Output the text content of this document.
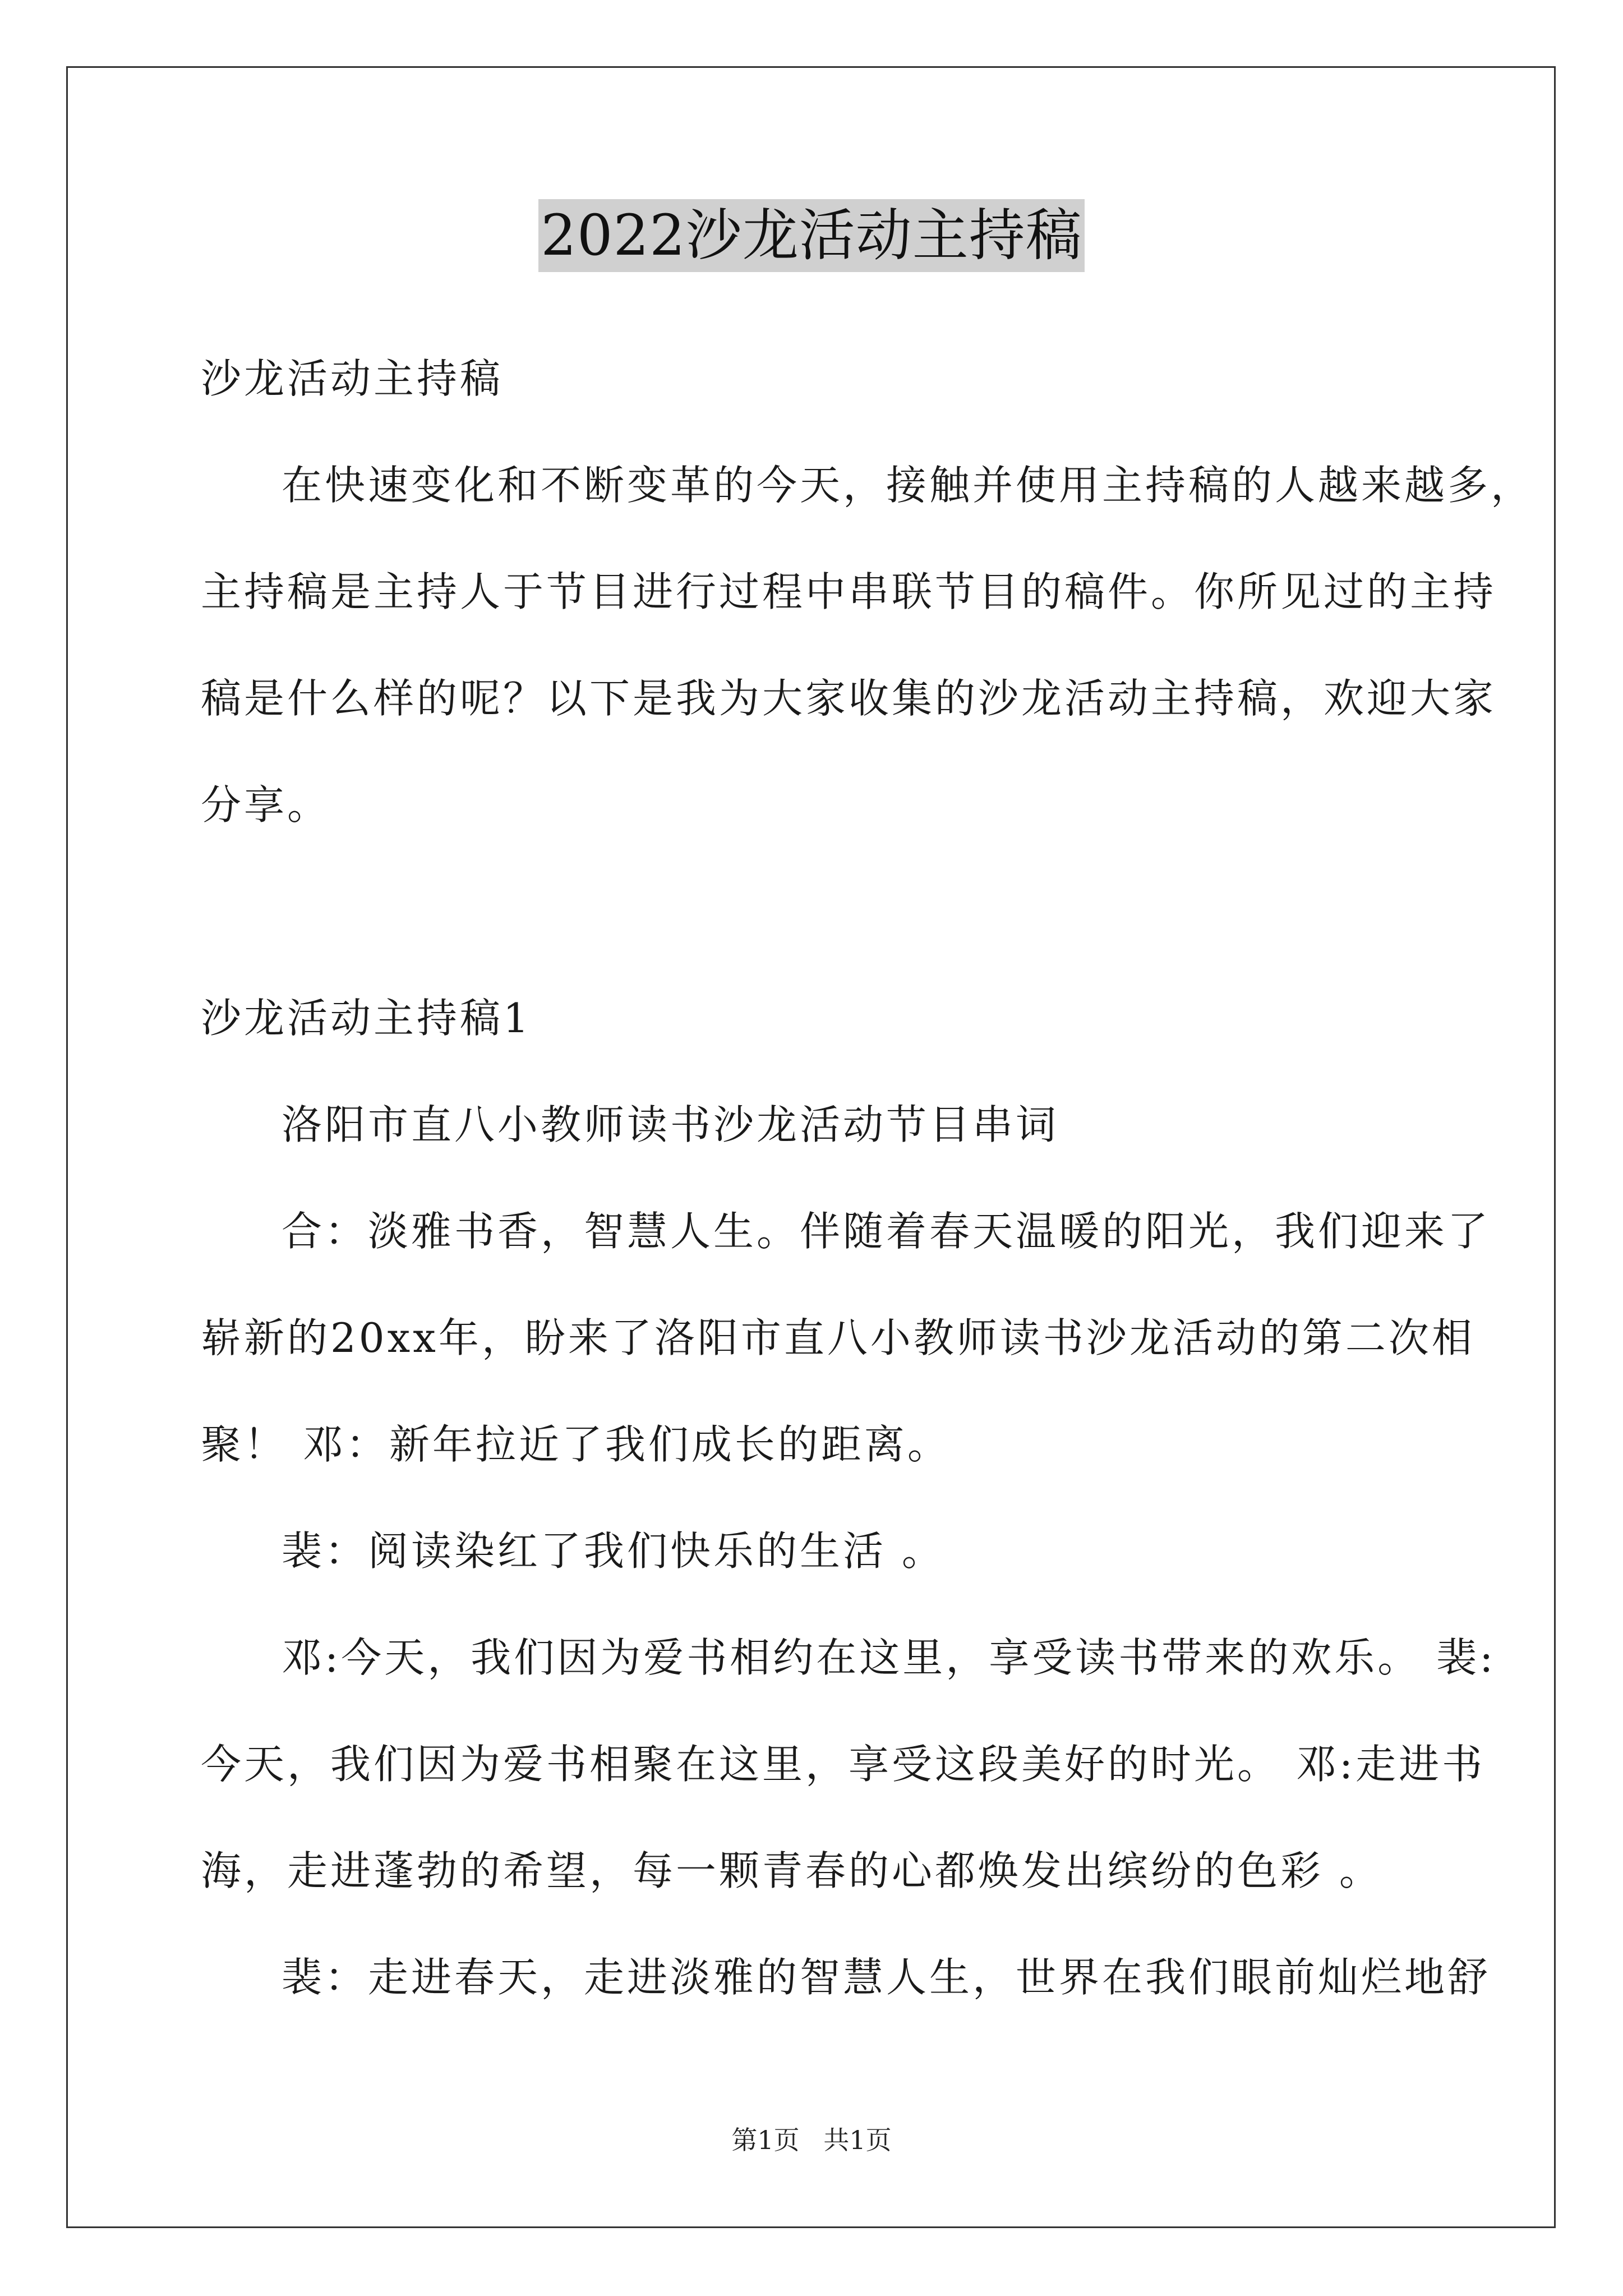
2022沙龙活动主持稿
沙龙活动主持稿
在快速变化和不断变革的今天，接触并使用主持稿的人越来越多，
主持稿是主持人于节目进行过程中串联节目的稿件。你所见过的主持
稿是什么样的呢？以下是我为大家收集的沙龙活动主持稿，欢迎大家
分享。
沙龙活动主持稿1
洛阳市直八小教师读书沙龙活动节目串词
合：淡雅书香，智慧人生。伴随着春天温暖的阳光，我们迎来了
崭新的20xx年，盼来了洛阳市直八小教师读书沙龙活动的第二次相
聚！ 邓：新年拉近了我们成长的距离。
裴：阅读染红了我们快乐的生活 。
邓:今天，我们因为爱书相约在这里，享受读书带来的欢乐。 裴:
今天，我们因为爱书相聚在这里，享受这段美好的时光。 邓:走进书
海，走进蓬勃的希望，每一颗青春的心都焕发出缤纷的色彩 。
裴：走进春天，走进淡雅的智慧人生，世界在我们眼前灿烂地舒
第1页 共1页
